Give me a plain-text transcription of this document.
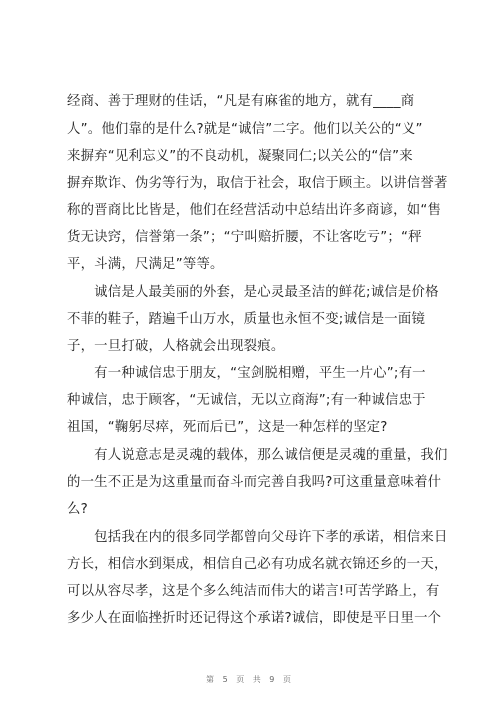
经商、善于理财的佳话，“凡是有麻雀的地方，就有____商
人”。他们靠的是什么?就是“诚信”二字。他们以关公的“义”
来摒弃“见利忘义”的不良动机，凝聚同仁;以关公的“信”来
摒弃欺诈、伪劣等行为，取信于社会，取信于顾主。以讲信誉著
称的晋商比比皆是，他们在经营活动中总结出许多商谚，如“售
货无诀窍，信誉第一条”；“宁叫赔折腰，不让客吃亏”；“秤
平，斗满，尺满足”等等。
　　诚信是人最美丽的外套，是心灵最圣洁的鲜花;诚信是价格
不菲的鞋子，踏遍千山万水，质量也永恒不变;诚信是一面镜
子，一旦打破，人格就会出现裂痕。
　　有一种诚信忠于朋友，“宝剑脱相赠，平生一片心”;有一
种诚信，忠于顾客，“无诚信，无以立商海”;有一种诚信忠于
祖国，“鞠躬尽瘁，死而后已”，这是一种怎样的坚定?
　　有人说意志是灵魂的载体，那么诚信便是灵魂的重量，我们
的一生不正是为这重量而奋斗而完善自我吗?可这重量意味着什
么?
　　包括我在内的很多同学都曾向父母许下孝的承诺，相信来日
方长，相信水到渠成，相信自己必有功成名就衣锦还乡的一天，
可以从容尽孝，这是个多么纯洁而伟大的诺言!可苦学路上，有
多少人在面临挫折时还记得这个承诺?诚信，即使是平日里一个
第 5 页 共 9 页
